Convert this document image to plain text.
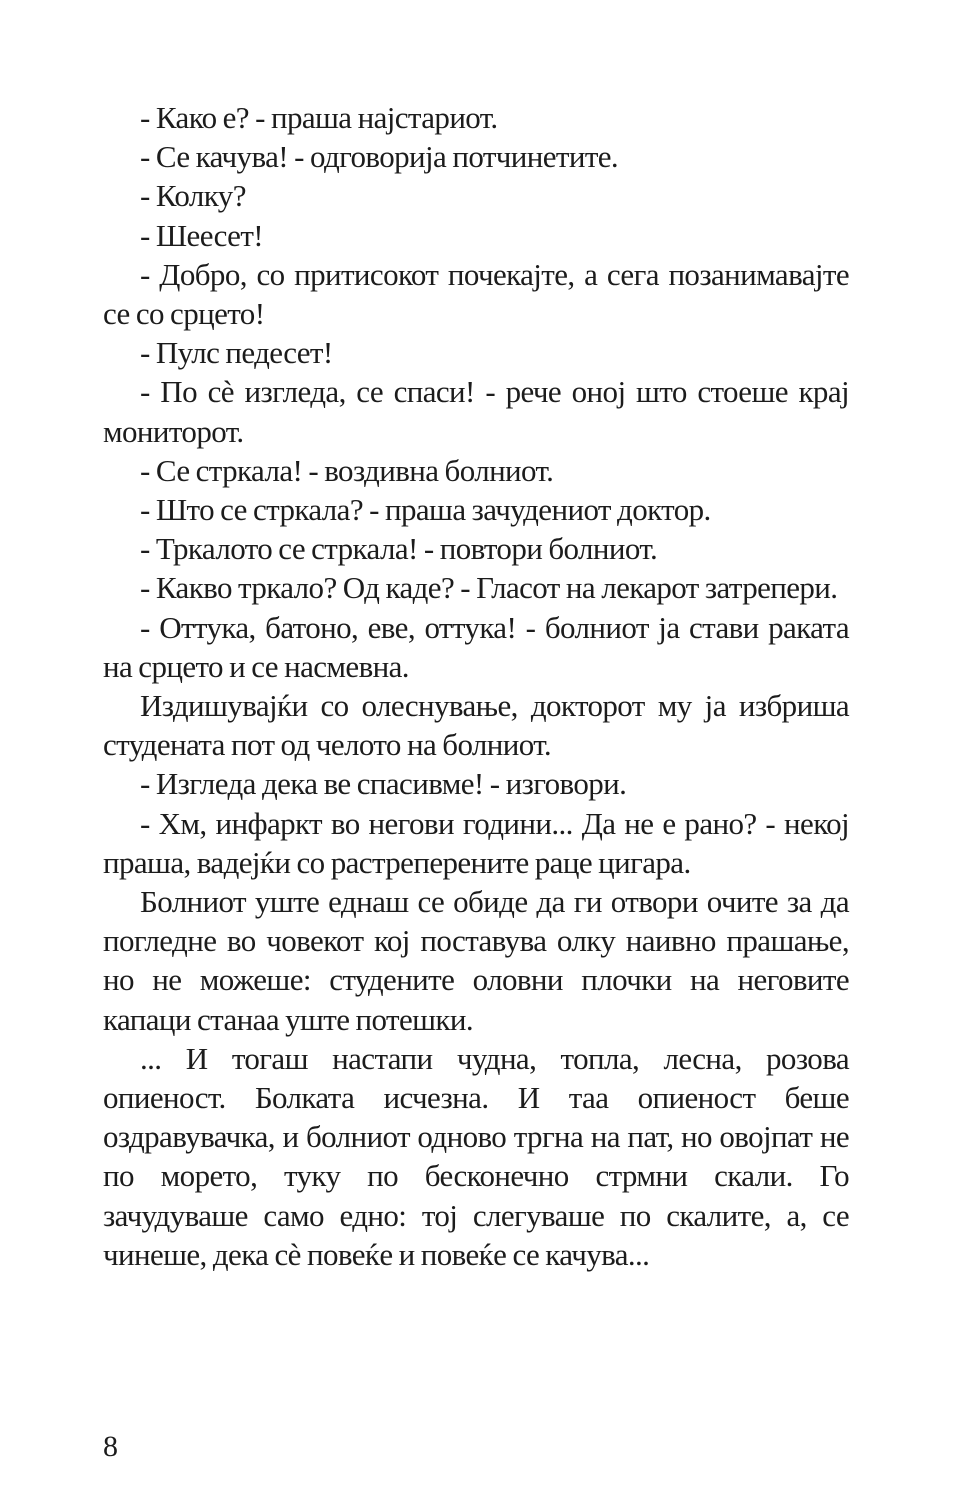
- Како е? - праша најстариот.

- Се качува! - одговорија потчинетите.

- Колку?

- Шеесет!

- Добро, со притисокот почекајте, а сега позанимавајте се со срцето!

- Пулс педесет!

- По сè изгледа, се спаси! - рече оној што стоеше крај мониторот.

- Се стркала! - воздивна болниот.

- Што се стркала? - праша зачудениот доктор.

- Тркалото се стркала! - повтори болниот.

- Какво тркало? Од каде? - Гласот на лекарот затрепери.

- Оттука, батоно, еве, оттука! - болниот ја стави раката на срцето и се насмевна.

Издишувајќи со олеснување, докторот му ја избриша студената пот од челото на болниот.

- Изгледа дека ве спасивме! - изговори.

- Хм, инфаркт во негови години... Да не е рано? - некој праша, вадејќи со растреперените раце цигара.

Болниот уште еднаш се обиде да ги отвори очите за да погледне во човекот кој поставува олку наивно прашање, но не можеше: студените оловни плочки на неговите капаци станаа уште потешки.

... И тогаш настапи чудна, топла, лесна, розова опиеност. Болката исчезна. И таа опиеност беше оздравувачка, и болниот одново тргна на пат, но овојпат не по морето, туку по бесконечно стрмни скали. Го зачудуваше само едно: тој слегуваше по скалите, а, се чинеше, дека сè повеќе и повеќе се качува...

8
